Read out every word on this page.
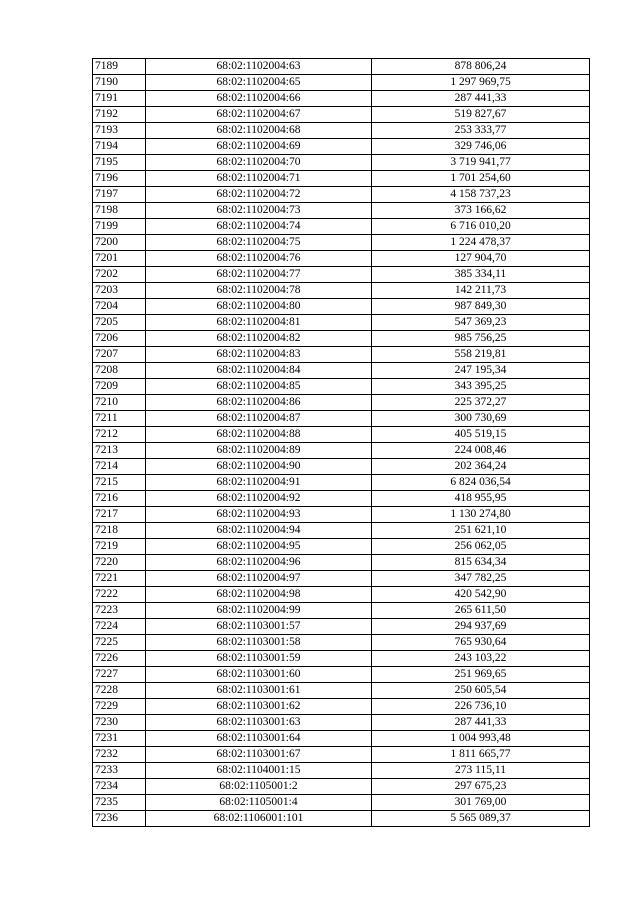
7189	68:02:1102004:63	878 806,24
7190	68:02:1102004:65	1 297 969,75
7191	68:02:1102004:66	287 441,33
7192	68:02:1102004:67	519 827,67
7193	68:02:1102004:68	253 333,77
7194	68:02:1102004:69	329 746,06
7195	68:02:1102004:70	3 719 941,77
7196	68:02:1102004:71	1 701 254,60
7197	68:02:1102004:72	4 158 737,23
7198	68:02:1102004:73	373 166,62
7199	68:02:1102004:74	6 716 010,20
7200	68:02:1102004:75	1 224 478,37
7201	68:02:1102004:76	127 904,70
7202	68:02:1102004:77	385 334,11
7203	68:02:1102004:78	142 211,73
7204	68:02:1102004:80	987 849,30
7205	68:02:1102004:81	547 369,23
7206	68:02:1102004:82	985 756,25
7207	68:02:1102004:83	558 219,81
7208	68:02:1102004:84	247 195,34
7209	68:02:1102004:85	343 395,25
7210	68:02:1102004:86	225 372,27
7211	68:02:1102004:87	300 730,69
7212	68:02:1102004:88	405 519,15
7213	68:02:1102004:89	224 008,46
7214	68:02:1102004:90	202 364,24
7215	68:02:1102004:91	6 824 036,54
7216	68:02:1102004:92	418 955,95
7217	68:02:1102004:93	1 130 274,80
7218	68:02:1102004:94	251 621,10
7219	68:02:1102004:95	256 062,05
7220	68:02:1102004:96	815 634,34
7221	68:02:1102004:97	347 782,25
7222	68:02:1102004:98	420 542,90
7223	68:02:1102004:99	265 611,50
7224	68:02:1103001:57	294 937,69
7225	68:02:1103001:58	765 930,64
7226	68:02:1103001:59	243 103,22
7227	68:02:1103001:60	251 969,65
7228	68:02:1103001:61	250 605,54
7229	68:02:1103001:62	226 736,10
7230	68:02:1103001:63	287 441,33
7231	68:02:1103001:64	1 004 993,48
7232	68:02:1103001:67	1 811 665,77
7233	68:02:1104001:15	273 115,11
7234	68:02:1105001:2	297 675,23
7235	68:02:1105001:4	301 769,00
7236	68:02:1106001:101	5 565 089,37
